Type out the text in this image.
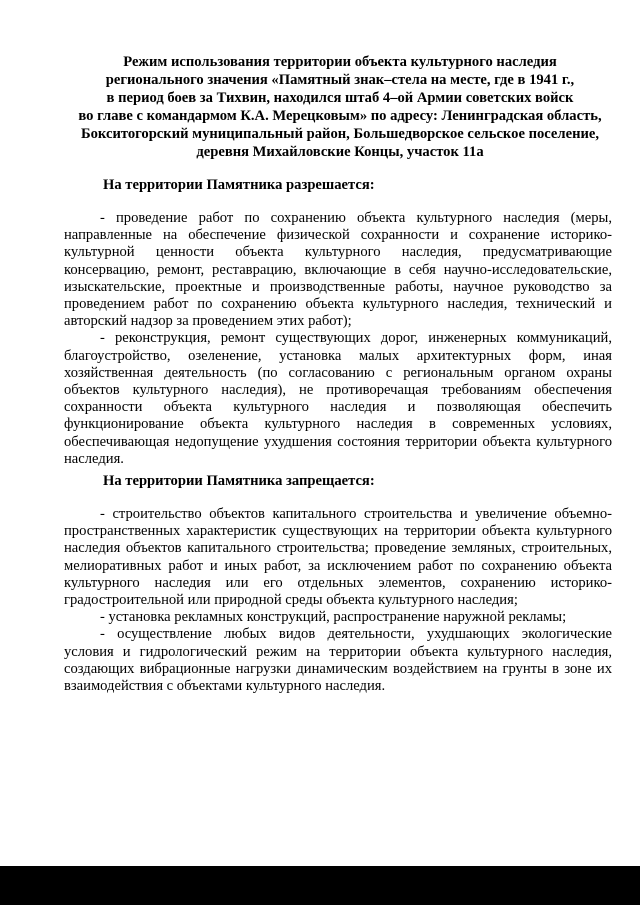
Режим использования территории объекта культурного наследия
регионального значения «Памятный знак–стела на месте, где в 1941 г.,
в период боев за Тихвин, находился штаб 4–ой Армии советских войск
во главе с командармом К.А. Мерецковым» по адресу: Ленинградская область,
Бокситогорский муниципальный район, Большедворское сельское поселение,
деревня Михайловские Концы, участок 11а
На территории Памятника разрешается:

- проведение работ по сохранению объекта культурного наследия (меры, направленные на обеспечение физической сохранности и сохранение историко-культурной ценности объекта культурного наследия, предусматривающие консервацию, ремонт, реставрацию, включающие в себя научно-исследовательские, изыскательские, проектные и производственные работы, научное руководство за проведением работ по сохранению объекта культурного наследия, технический и авторский надзор за проведением этих работ);

- реконструкция, ремонт существующих дорог, инженерных коммуникаций, благоустройство, озеленение, установка малых архитектурных форм, иная хозяйственная деятельность (по согласованию с региональным органом охраны объектов культурного наследия), не противоречащая требованиям обеспечения сохранности объекта культурного наследия и позволяющая обеспечить функционирование объекта культурного наследия в современных условиях, обеспечивающая недопущение ухудшения состояния территории объекта культурного наследия.

На территории Памятника запрещается:

- строительство объектов капитального строительства и увеличение объемно-пространственных характеристик существующих на территории объекта культурного наследия объектов капитального строительства; проведение земляных, строительных, мелиоративных работ и иных работ, за исключением работ по сохранению объекта культурного наследия или его отдельных элементов, сохранению историко-градостроительной или природной среды объекта культурного наследия;

- установка рекламных конструкций, распространение наружной рекламы;

- осуществление любых видов деятельности, ухудшающих экологические условия и гидрологический режим на территории объекта культурного наследия, создающих вибрационные нагрузки динамическим воздействием на грунты в зоне их взаимодействия с объектами культурного наследия.
